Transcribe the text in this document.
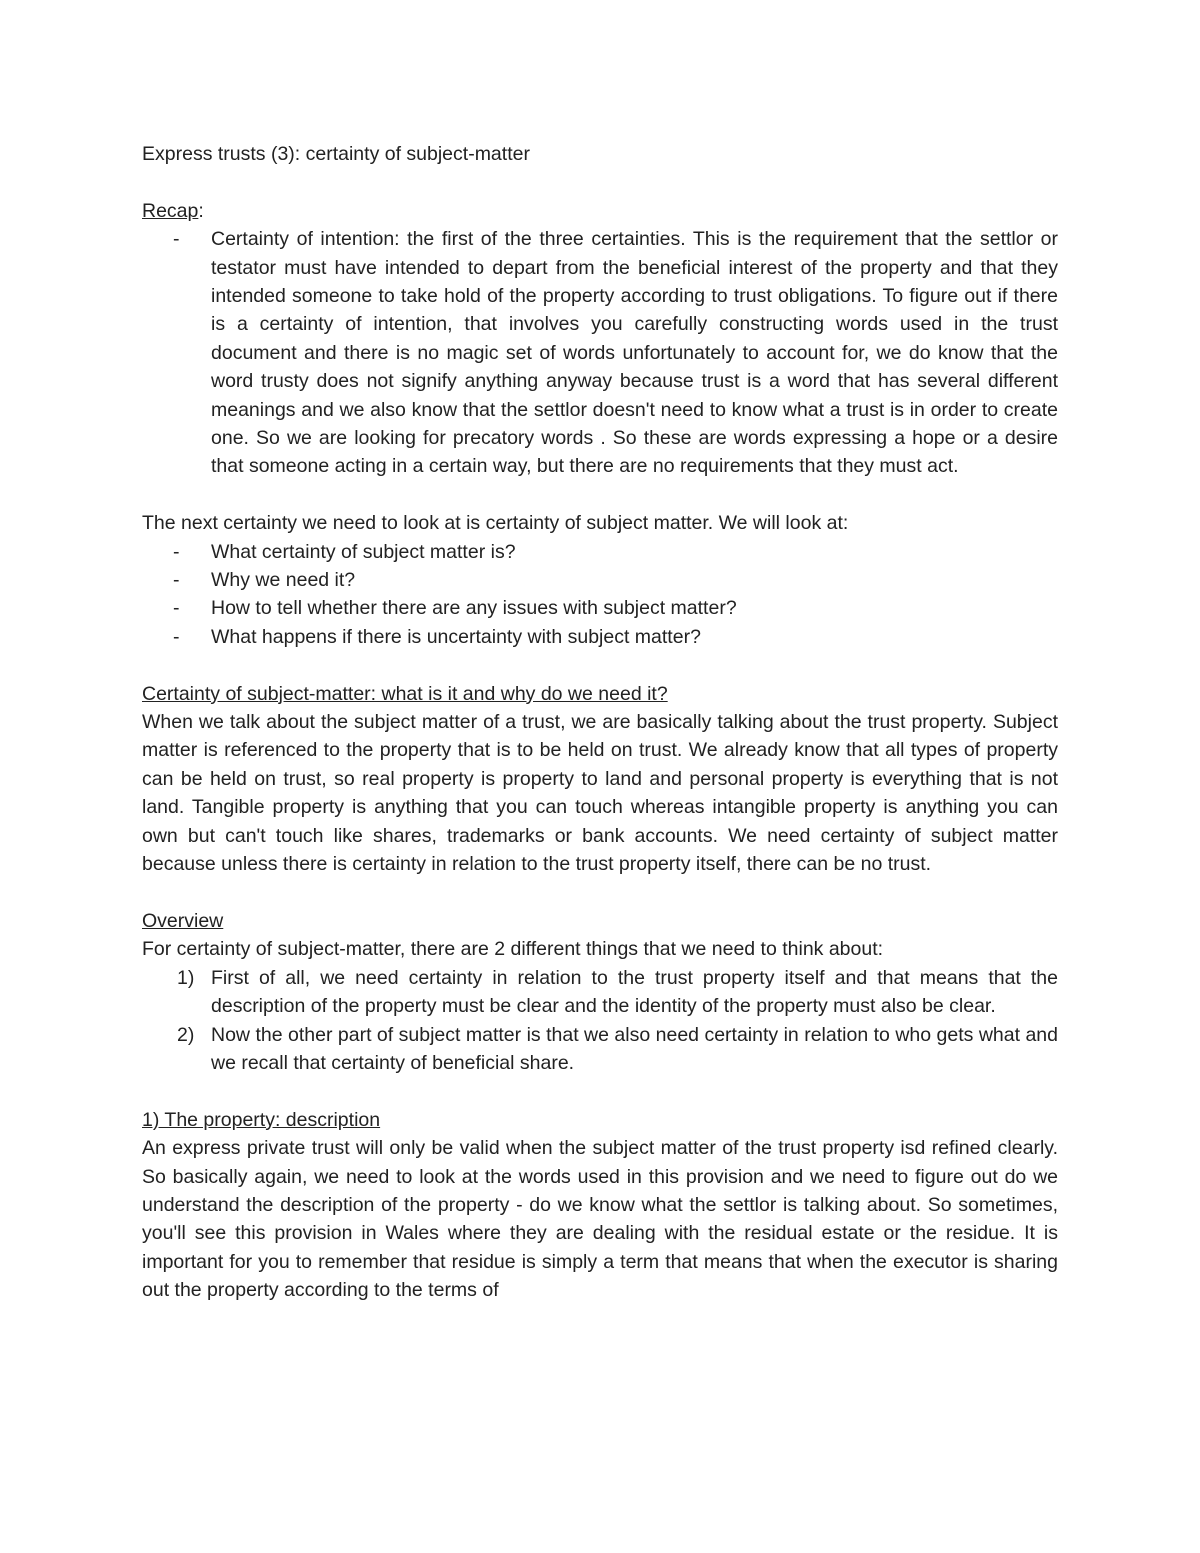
Express trusts (3): certainty of subject-matter

Recap:

- Certainty of intention: the first of the three certainties. This is the requirement that the settlor or testator must have intended to depart from the beneficial interest of the property and that they intended someone to take hold of the property according to trust obligations. To figure out if there is a certainty of intention, that involves you carefully constructing words used in the trust document and there is no magic set of words unfortunately to account for, we do know that the word trusty does not signify anything anyway because trust is a word that has several different meanings and we also know that the settlor doesn't need to know what a trust is in order to create one. So we are looking for precatory words . So these are words expressing a hope or a desire that someone acting in a certain way, but there are no requirements that they must act.

The next certainty we need to look at is certainty of subject matter. We will look at:

- What certainty of subject matter is?
- Why we need it?
- How to tell whether there are any issues with subject matter?
- What happens if there is uncertainty with subject matter?

Certainty of subject-matter: what is it and why do we need it?

When we talk about the subject matter of a trust, we are basically talking about the trust property. Subject matter is referenced to the property that is to be held on trust. We already know that all types of property can be held on trust, so real property is property to land and personal property is everything that is not land. Tangible property is anything that you can touch whereas intangible property is anything you can own but can't touch like shares, trademarks or bank accounts. We need certainty of subject matter because unless there is certainty in relation to the trust property itself, there can be no trust.

Overview

For certainty of subject-matter, there are 2 different things that we need to think about:

1) First of all, we need certainty in relation to the trust property itself and that means that the description of the property must be clear and the identity of the property must also be clear.
2) Now the other part of subject matter is that we also need certainty in relation to who gets what and we recall that certainty of beneficial share.

1) The property: description

An express private trust will only be valid when the subject matter of the trust property isd refined clearly. So basically again, we need to look at the words used in this provision and we need to figure out do we understand the description of the property - do we know what the settlor is talking about. So sometimes, you'll see this provision in Wales where they are dealing with the residual estate or the residue. It is important for you to remember that residue is simply a term that means that when the executor is sharing out the property according to the terms of
